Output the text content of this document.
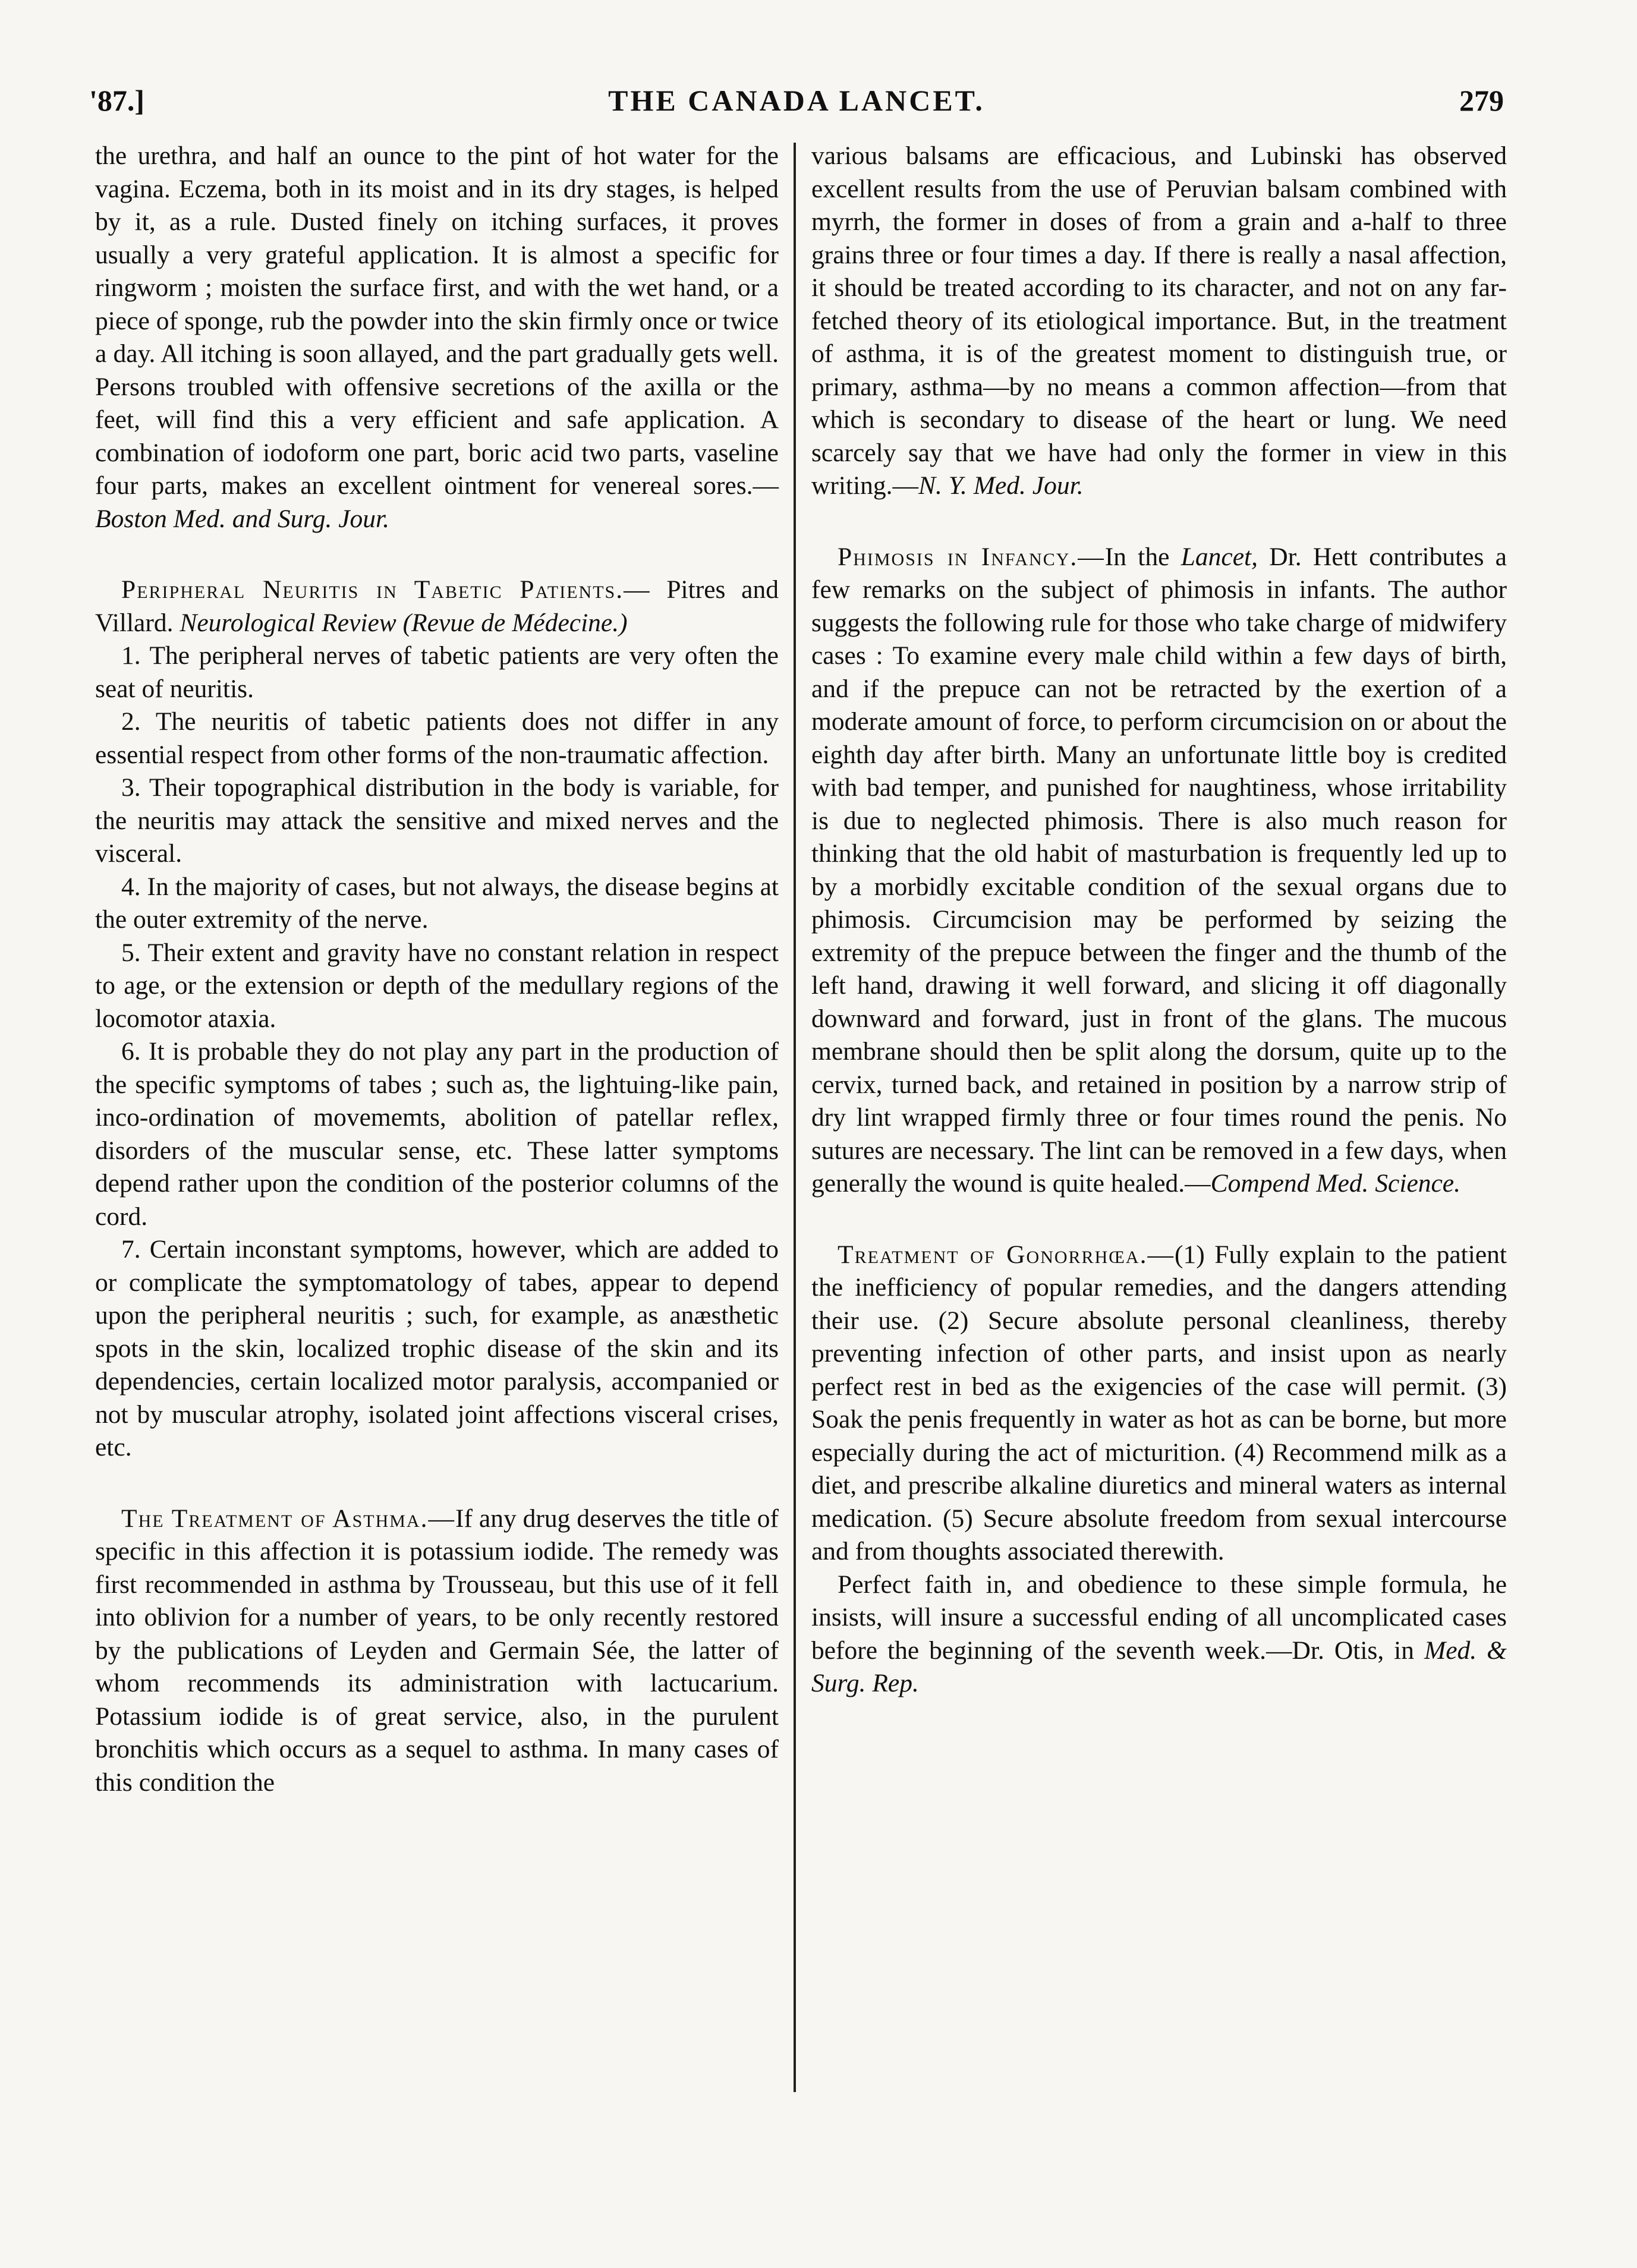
'87.]	THE CANADA LANCET.	279

the urethra, and half an ounce to the pint of hot water for the vagina. Eczema, both in its moist and in its dry stages, is helped by it, as a rule. Dusted finely on itching surfaces, it proves usually a very grateful application. It is almost a specific for ringworm ; moisten the surface first, and with the wet hand, or a piece of sponge, rub the powder into the skin firmly once or twice a day. All itching is soon allayed, and the part gradually gets well. Persons troubled with offensive secretions of the axilla or the feet, will find this a very efficient and safe application. A combination of iodoform one part, boric acid two parts, vaseline four parts, makes an excellent ointment for venereal sores.—Boston Med. and Surg. Jour.

Peripheral Neuritis in Tabetic Patients.— Pitres and Villard. Neurological Review (Revue de Médecine.)

1. The peripheral nerves of tabetic patients are very often the seat of neuritis.

2. The neuritis of tabetic patients does not differ in any essential respect from other forms of the non-traumatic affection.

3. Their topographical distribution in the body is variable, for the neuritis may attack the sensitive and mixed nerves and the visceral.

4. In the majority of cases, but not always, the disease begins at the outer extremity of the nerve.

5. Their extent and gravity have no constant relation in respect to age, or the extension or depth of the medullary regions of the locomotor ataxia.

6. It is probable they do not play any part in the production of the specific symptoms of tabes ; such as, the lightuing-like pain, inco-ordination of movememts, abolition of patellar reflex, disorders of the muscular sense, etc. These latter symptoms depend rather upon the condition of the posterior columns of the cord.

7. Certain inconstant symptoms, however, which are added to or complicate the symptomatology of tabes, appear to depend upon the peripheral neuritis ; such, for example, as anæsthetic spots in the skin, localized trophic disease of the skin and its dependencies, certain localized motor paralysis, accompanied or not by muscular atrophy, isolated joint affections visceral crises, etc.

The Treatment of Asthma.—If any drug deserves the title of specific in this affection it is potassium iodide. The remedy was first recommended in asthma by Trousseau, but this use of it fell into oblivion for a number of years, to be only recently restored by the publications of Leyden and Germain Sée, the latter of whom recommends its administration with lactucarium. Potassium iodide is of great service, also, in the purulent bronchitis which occurs as a sequel to asthma. In many cases of this condition the

various balsams are efficacious, and Lubinski has observed excellent results from the use of Peruvian balsam combined with myrrh, the former in doses of from a grain and a-half to three grains three or four times a day. If there is really a nasal affection, it should be treated according to its character, and not on any far-fetched theory of its etiological importance. But, in the treatment of asthma, it is of the greatest moment to distinguish true, or primary, asthma—by no means a common affection—from that which is secondary to disease of the heart or lung. We need scarcely say that we have had only the former in view in this writing.—N. Y. Med. Jour.

Phimosis in Infancy.—In the Lancet, Dr. Hett contributes a few remarks on the subject of phimosis in infants. The author suggests the following rule for those who take charge of midwifery cases : To examine every male child within a few days of birth, and if the prepuce can not be retracted by the exertion of a moderate amount of force, to perform circumcision on or about the eighth day after birth. Many an unfortunate little boy is credited with bad temper, and punished for naughtiness, whose irritability is due to neglected phimosis. There is also much reason for thinking that the old habit of masturbation is frequently led up to by a morbidly excitable condition of the sexual organs due to phimosis. Circumcision may be performed by seizing the extremity of the prepuce between the finger and the thumb of the left hand, drawing it well forward, and slicing it off diagonally downward and forward, just in front of the glans. The mucous membrane should then be split along the dorsum, quite up to the cervix, turned back, and retained in position by a narrow strip of dry lint wrapped firmly three or four times round the penis. No sutures are necessary. The lint can be removed in a few days, when generally the wound is quite healed.—Compend Med. Science.

Treatment of Gonorrhœa.—(1) Fully explain to the patient the inefficiency of popular remedies, and the dangers attending their use. (2) Secure absolute personal cleanliness, thereby preventing infection of other parts, and insist upon as nearly perfect rest in bed as the exigencies of the case will permit. (3) Soak the penis frequently in water as hot as can be borne, but more especially during the act of micturition. (4) Recommend milk as a diet, and prescribe alkaline diuretics and mineral waters as internal medication. (5) Secure absolute freedom from sexual intercourse and from thoughts associated therewith.

Perfect faith in, and obedience to these simple formula, he insists, will insure a successful ending of all uncomplicated cases before the beginning of the seventh week.—Dr. Otis, in Med. & Surg. Rep.
